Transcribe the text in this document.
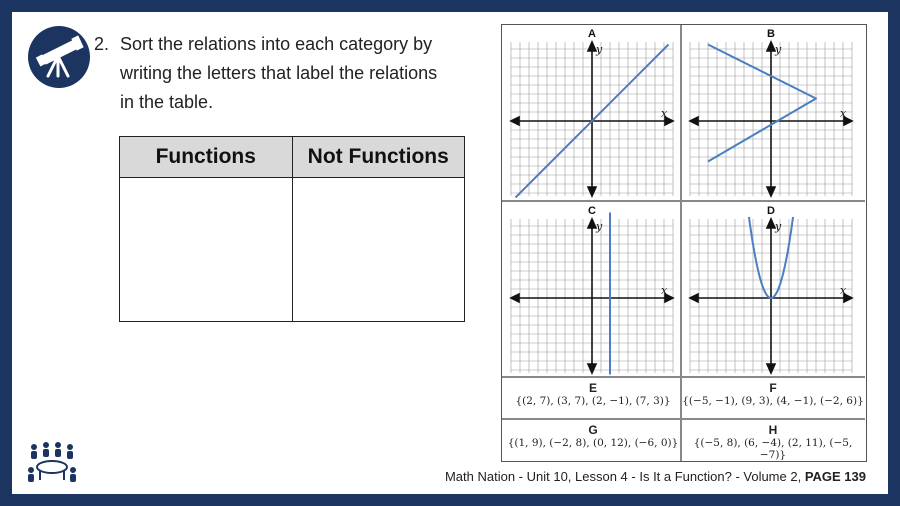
2. Sort the relations into each category by writing the letters that label the relations in the table.
Functions	Not Functions

A
x
y
B
x
y
C
x
y
D
x
y
E
{(2, 7), (3, 7), (2, −1), (7, 3)}
F
{(−5, −1), (9, 3), (4, −1), (−2, 6)}
G
{(1, 9), (−2, 8), (0, 12), (−6, 0)}
H
{(−5, 8), (6, −4), (2, 11), (−5, −7)}
Math Nation - Unit 10, Lesson 4 - Is It a Function? - Volume 2, PAGE 139
